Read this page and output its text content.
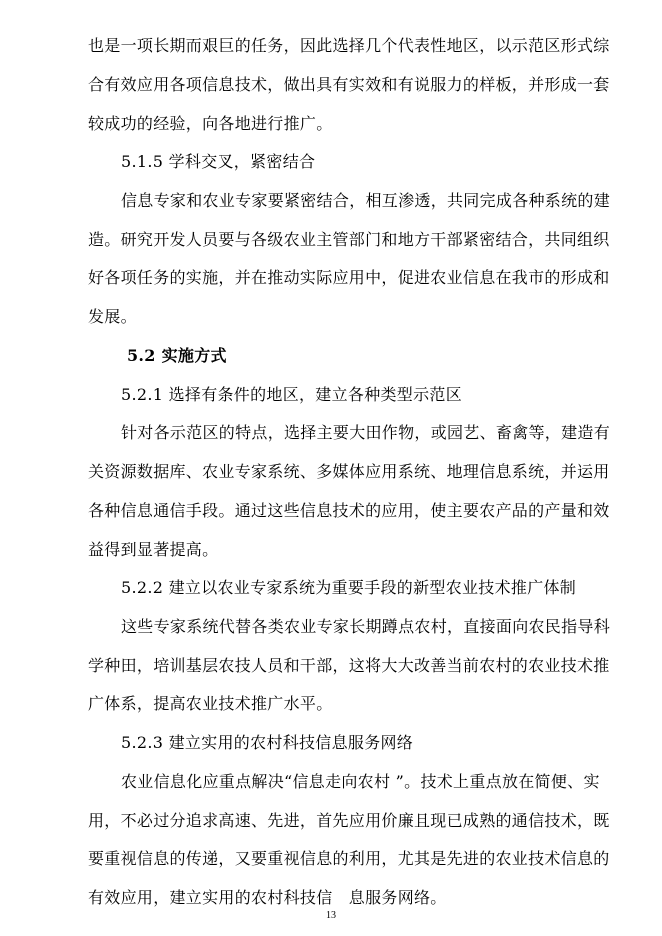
也是一项长期而艰巨的任务，因此选择几个代表性地区，以示范区形式综
合有效应用各项信息技术，做出具有实效和有说服力的样板，并形成一套
较成功的经验，向各地进行推广。
5.1.5 学科交叉，紧密结合
信息专家和农业专家要紧密结合，相互渗透，共同完成各种系统的建
造。研究开发人员要与各级农业主管部门和地方干部紧密结合，共同组织
好各项任务的实施，并在推动实际应用中，促进农业信息在我市的形成和
发展。
5.2 实施方式
5.2.1 选择有条件的地区，建立各种类型示范区
针对各示范区的特点，选择主要大田作物，或园艺、畜禽等，建造有
关资源数据库、农业专家系统、多媒体应用系统、地理信息系统，并运用
各种信息通信手段。通过这些信息技术的应用，使主要农产品的产量和效
益得到显著提高。
5.2.2 建立以农业专家系统为重要手段的新型农业技术推广体制
这些专家系统代替各类农业专家长期蹲点农村，直接面向农民指导科
学种田，培训基层农技人员和干部，这将大大改善当前农村的农业技术推
广体系，提高农业技术推广水平。
5.2.3 建立实用的农村科技信息服务网络
农业信息化应重点解决“信息走向农村 ”。技术上重点放在简便、实
用，不必过分追求高速、先进，首先应用价廉且现已成熟的通信技术，既
要重视信息的传递，又要重视信息的利用，尤其是先进的农业技术信息的
有效应用，建立实用的农村科技信　息服务网络。
13
